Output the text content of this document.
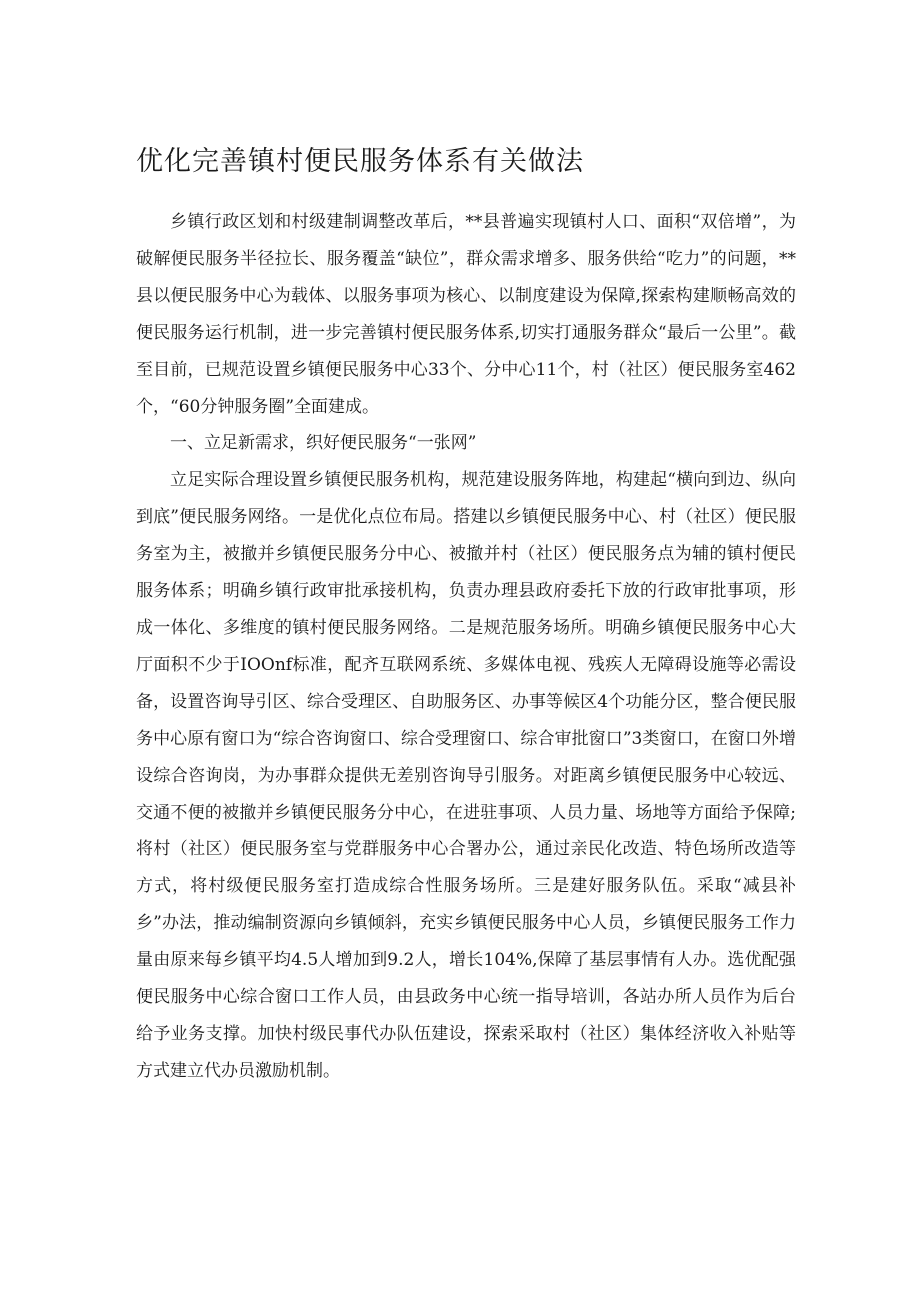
优化完善镇村便民服务体系有关做法

乡镇行政区划和村级建制调整改革后，**县普遍实现镇村人口、面积“双倍增”，为破解便民服务半径拉长、服务覆盖“缺位”，群众需求增多、服务供给“吃力”的问题，**县以便民服务中心为载体、以服务事项为核心、以制度建设为保障,探索构建顺畅高效的便民服务运行机制，进一步完善镇村便民服务体系,切实打通服务群众“最后一公里”。截至目前，已规范设置乡镇便民服务中心33个、分中心11个，村（社区）便民服务室462个，“60分钟服务圈”全面建成。

一、立足新需求，织好便民服务“一张网”

立足实际合理设置乡镇便民服务机构，规范建设服务阵地，构建起“横向到边、纵向到底”便民服务网络。一是优化点位布局。搭建以乡镇便民服务中心、村（社区）便民服务室为主，被撤并乡镇便民服务分中心、被撤并村（社区）便民服务点为辅的镇村便民服务体系；明确乡镇行政审批承接机构，负责办理县政府委托下放的行政审批事项，形成一体化、多维度的镇村便民服务网络。二是规范服务场所。明确乡镇便民服务中心大厅面积不少于IOOnf标准，配齐互联网系统、多媒体电视、残疾人无障碍设施等必需设备，设置咨询导引区、综合受理区、自助服务区、办事等候区4个功能分区，整合便民服务中心原有窗口为“综合咨询窗口、综合受理窗口、综合审批窗口”3类窗口，在窗口外增设综合咨询岗，为办事群众提供无差别咨询导引服务。对距离乡镇便民服务中心较远、交通不便的被撤并乡镇便民服务分中心，在进驻事项、人员力量、场地等方面给予保障;将村（社区）便民服务室与党群服务中心合署办公，通过亲民化改造、特色场所改造等方式，将村级便民服务室打造成综合性服务场所。三是建好服务队伍。采取“减县补乡”办法，推动编制资源向乡镇倾斜，充实乡镇便民服务中心人员，乡镇便民服务工作力量由原来每乡镇平均4.5人增加到9.2人，增长104%,保障了基层事情有人办。选优配强便民服务中心综合窗口工作人员，由县政务中心统一指导培训，各站办所人员作为后台给予业务支撑。加快村级民事代办队伍建设，探索采取村（社区）集体经济收入补贴等方式建立代办员激励机制。
